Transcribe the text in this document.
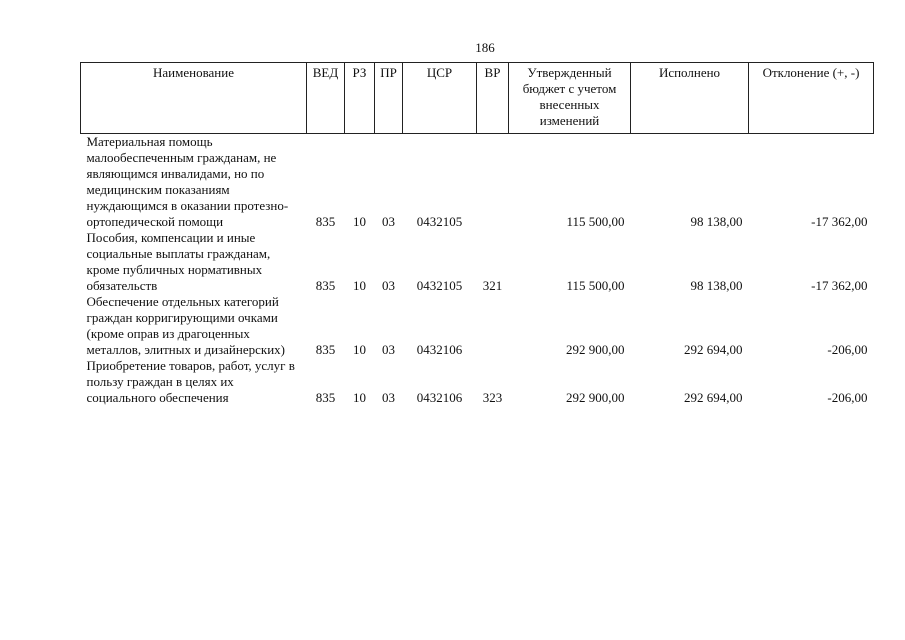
186
Наименование	ВЕД	РЗ	ПР	ЦСР	ВР	Утвержденный бюджет с учетом внесенных изменений	Исполнено	Отклонение (+, -)
Материальная помощь малообеспеченным гражданам, не являющимся инвалидами, но по медицинским показаниям нуждающимся в оказании протезно-ортопедической помощи	835	10	03	0432105		115 500,00	98 138,00	-17 362,00
Пособия, компенсации и иные социальные выплаты гражданам, кроме публичных нормативных обязательств	835	10	03	0432105	321	115 500,00	98 138,00	-17 362,00
Обеспечение отдельных категорий граждан корригирующими очками (кроме оправ из драгоценных металлов, элитных и дизайнерских)	835	10	03	0432106		292 900,00	292 694,00	-206,00
Приобретение товаров, работ, услуг в пользу граждан в целях их социального обеспечения	835	10	03	0432106	323	292 900,00	292 694,00	-206,00
